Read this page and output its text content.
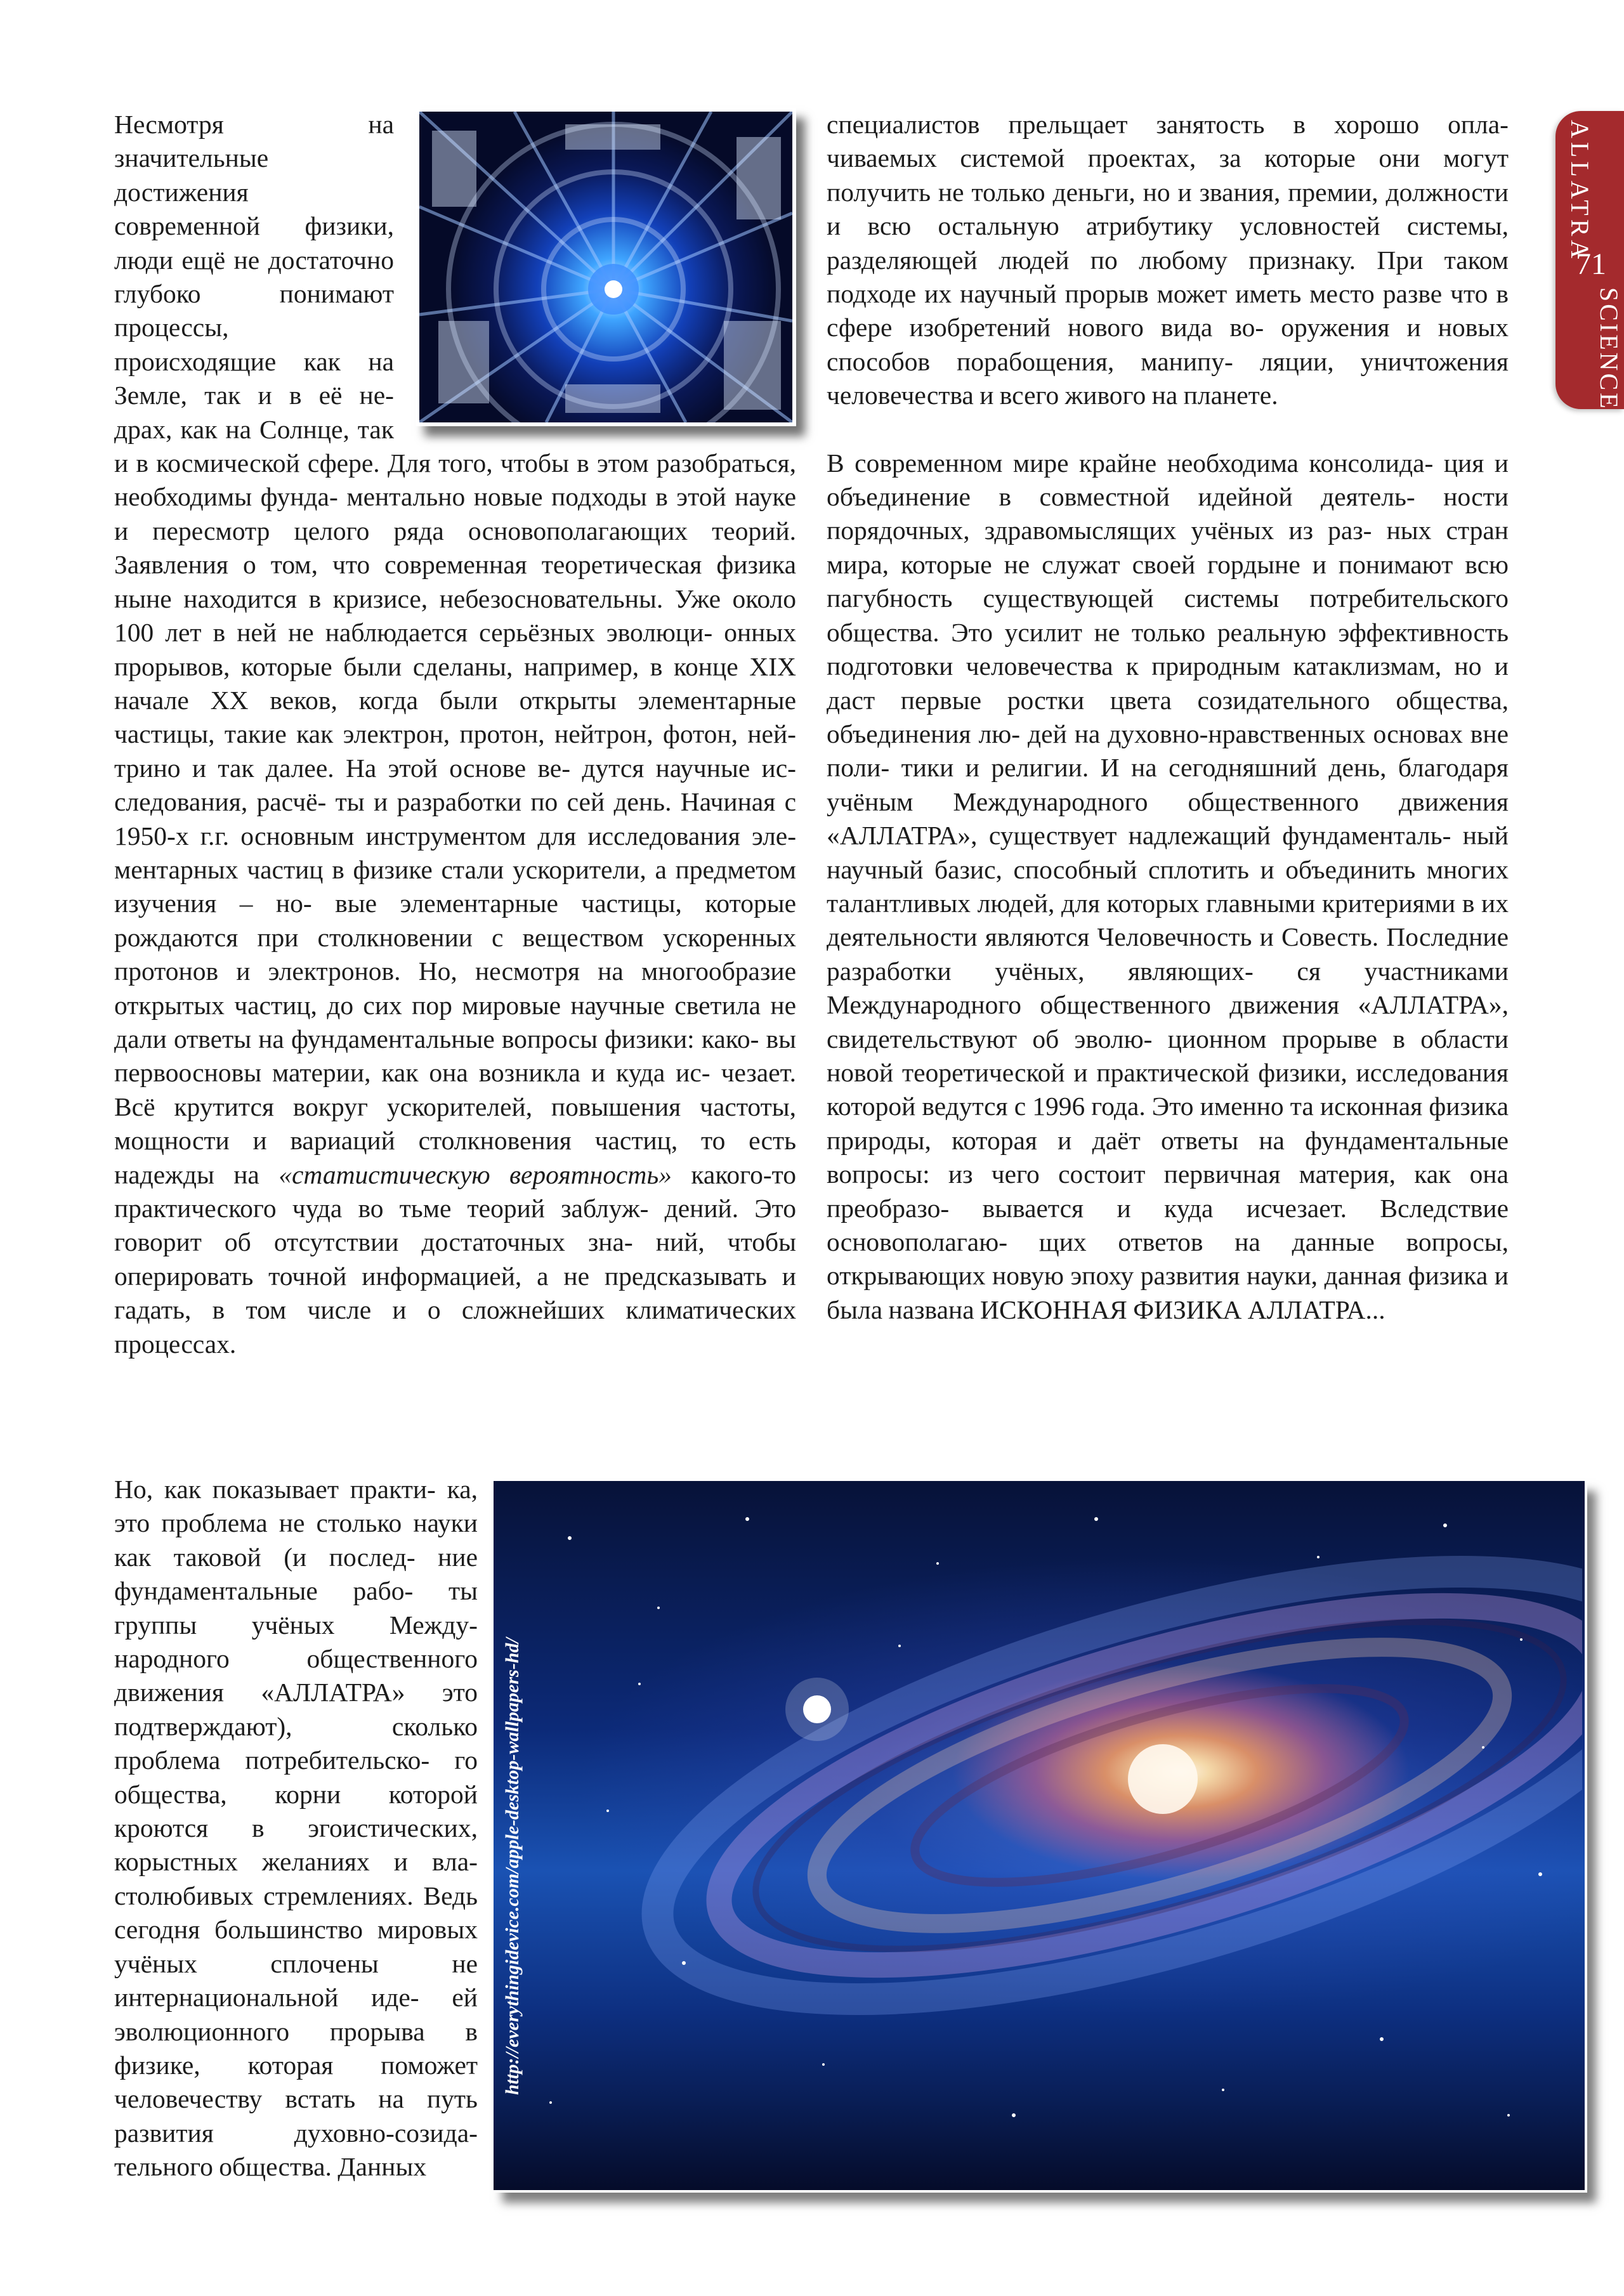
ALLATRA
71
SCIENCE

Несмотря на значительные достижения современной физики, люди ещё не достаточно глубоко понимают процессы, происходящие как на Земле, так и в её не- драх, как на Солнце, так и в космической сфере. Для того, чтобы в этом разобраться, необходимы фунда- ментально новые подходы в этой науке и пересмотр целого ряда основополагающих теорий. Заявления о том, что современная теоретическая физика ныне находится в кризисе, небезосновательны. Уже около 100 лет в ней не наблюдается серьёзных эволюци- онных прорывов, которые были сделаны, например, в конце XIX начале XX веков, когда были открыты элементарные частицы, такие как электрон, протон, нейтрон, фотон, ней- трино и так далее. На этой основе ве- дутся научные ис- следования, расчё- ты и разработки по сей день. Начиная с 1950-х г.г. основным инструментом для исследования эле- ментарных частиц в физике стали ускорители, а предметом изучения – но- вые элементарные частицы, которые рождаются при столкновении с веществом ускоренных протонов и электронов. Но, несмотря на многообразие открытых частиц, до сих пор мировые научные светила не дали ответы на фундаментальные вопросы физики: како- вы первоосновы материи, как она возникла и куда ис- чезает. Всё крутится вокруг ускорителей, повышения частоты, мощности и вариаций столкновения частиц, то есть надежды на «статистическую вероятность» какого-то практического чуда во тьме теорий заблуж- дений. Это говорит об отсутствии достаточных зна- ний, чтобы оперировать точной информацией, а не предсказывать и гадать, в том числе и о сложнейших климатических процессах.

специалистов прельщает занятость в хорошо опла- чиваемых системой проектах, за которые они могут получить не только деньги, но и звания, премии, должности и всю остальную атрибутику условностей системы, разделяющей людей по любому признаку. При таком подходе их научный прорыв может иметь место разве что в сфере изобретений нового вида во- оружения и новых способов порабощения, манипу- ляции, уничтожения человечества и всего живого на планете.

В современном мире крайне необходима консолида- ция и объединение в совместной идейной деятель- ности порядочных, здравомыслящих учёных из раз- ных стран мира, которые не служат своей гордыне и понимают всю пагубность существующей системы потребительского общества. Это усилит не только реальную эффективность подготовки человечества к природным катаклизмам, но и даст первые ростки цвета созидательного общества, объединения лю- дей на духовно-нравственных основах вне поли- тики и религии. И на сегодняшний день, благодаря учёным Международного общественного движения «АЛЛАТРА», существует надлежащий фундаменталь- ный научный базис, способный сплотить и объединить многих талантливых людей, для которых главными критериями в их деятельности являются Человечность и Совесть. Последние разработки учёных, являющих- ся участниками Международного общественного движения «АЛЛАТРА», свидетельствуют об эволю- ционном прорыве в области новой теоретической и практической физики, исследования которой ведутся с 1996 года. Это именно та исконная физика природы, которая и даёт ответы на фундаментальные вопросы: из чего состоит первичная материя, как она преобразо- вывается и куда исчезает. Вследствие основополагаю- щих ответов на данные вопросы, открывающих новую эпоху развития науки, данная физика и была названа ИСКОННАЯ ФИЗИКА АЛЛАТРА...

Но, как показывает практи- ка, это проблема не столько науки как таковой (и послед- ние фундаментальные рабо- ты группы учёных Между- народного общественного движения «АЛЛАТРА» это подтверждают), сколько проблема потребительско- го общества, корни которой кроются в эгоистических, корыстных желаниях и вла- столюбивых стремлениях. Ведь сегодня большинство мировых учёных сплочены	не интернациональной иде- ей эволюционного прорыва в физике, которая поможет человечеству встать на путь развития духовно-созида- тельного общества. Данных

http://everythingidevice.com/apple-desktop-wallpapers-hd/
